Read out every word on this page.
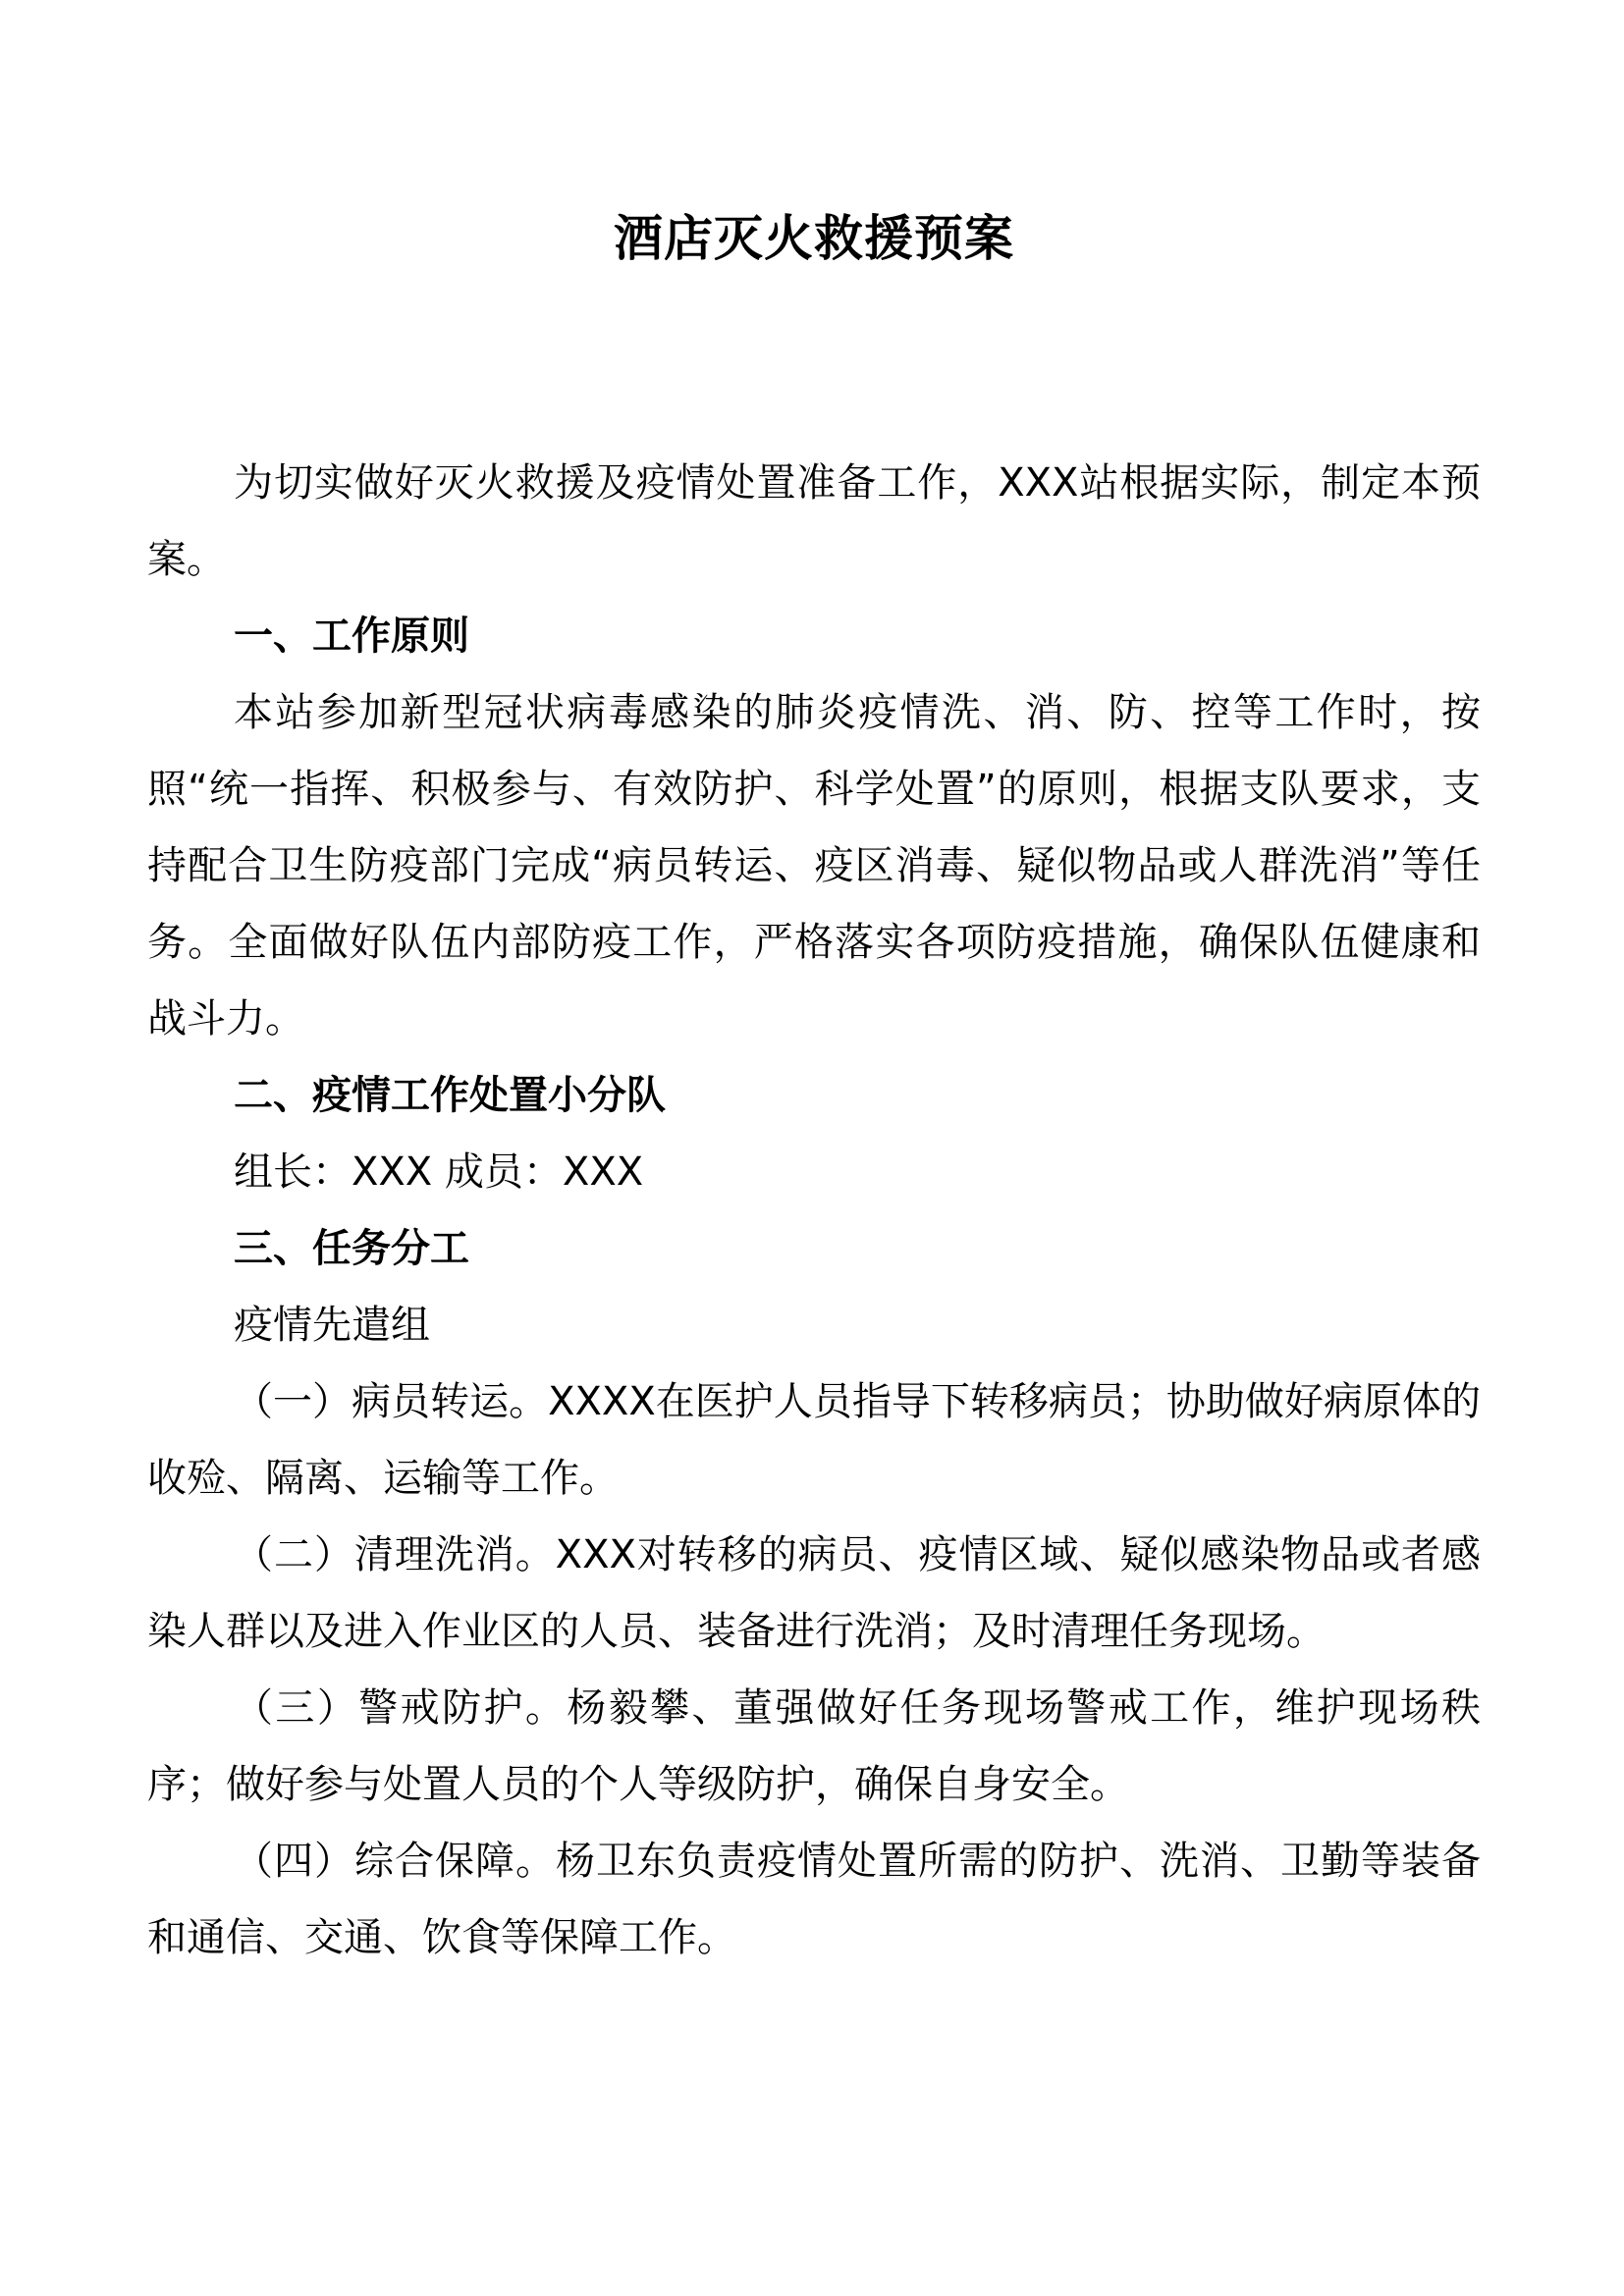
酒店灭火救援预案

为切实做好灭火救援及疫情处置准备工作，XXX站根据实际，制定本预案。

一、工作原则

本站参加新型冠状病毒感染的肺炎疫情洗、消、防、控等工作时，按照“统一指挥、积极参与、有效防护、科学处置”的原则，根据支队要求，支持配合卫生防疫部门完成“病员转运、疫区消毒、疑似物品或人群洗消”等任务。全面做好队伍内部防疫工作，严格落实各项防疫措施，确保队伍健康和战斗力。

二、疫情工作处置小分队

组长：XXX 成员：XXX

三、任务分工

疫情先遣组

（一）病员转运。XXXX在医护人员指导下转移病员；协助做好病原体的收殓、隔离、运输等工作。

（二）清理洗消。XXX对转移的病员、疫情区域、疑似感染物品或者感染人群以及进入作业区的人员、装备进行洗消；及时清理任务现场。

（三）警戒防护。杨毅攀、董强做好任务现场警戒工作，维护现场秩序；做好参与处置人员的个人等级防护，确保自身安全。

（四）综合保障。杨卫东负责疫情处置所需的防护、洗消、卫勤等装备和通信、交通、饮食等保障工作。
